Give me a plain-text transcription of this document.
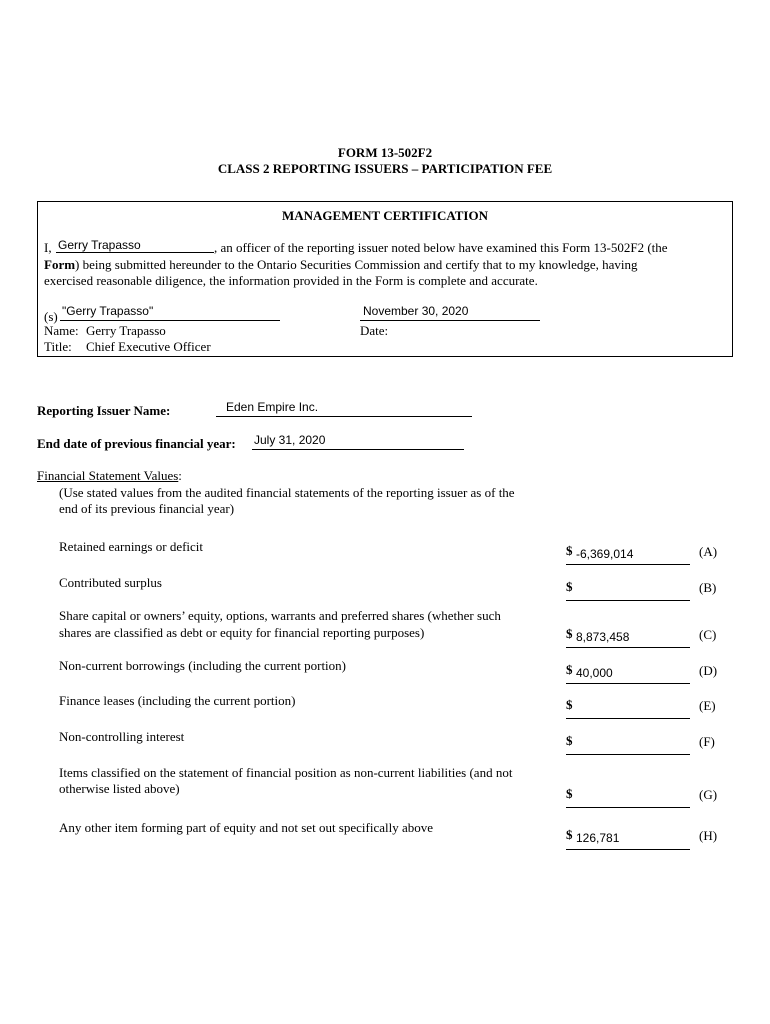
FORM 13-502F2
CLASS 2 REPORTING ISSUERS – PARTICIPATION FEE
MANAGEMENT CERTIFICATION
I, Gerry Trapasso	, an officer of the reporting issuer noted below have examined this Form 13-502F2 (the
Form) being submitted hereunder to the Ontario Securities Commission and certify that to my knowledge, having
exercised reasonable diligence, the information provided in the Form is complete and accurate.
(s) "Gerry Trapasso"	November 30, 2020
Name: Gerry Trapasso	Date:
Title: Chief Executive Officer
Reporting Issuer Name:	Eden Empire Inc.
End date of previous financial year: July 31, 2020
Financial Statement Values:
(Use stated values from the audited financial statements of the reporting issuer as of the
end of its previous financial year)
Retained earnings or deficit	$ -6,369,014	(A)
Contributed surplus	$	(B)
Share capital or owners’ equity, options, warrants and preferred shares (whether such
shares are classified as debt or equity for financial reporting purposes)	$ 8,873,458	(C)
Non-current borrowings (including the current portion)	$ 40,000	(D)
Finance leases (including the current portion)	$	(E)
Non-controlling interest	$	(F)
Items classified on the statement of financial position as non-current liabilities (and not
otherwise listed above)	$	(G)
Any other item forming part of equity and not set out specifically above	$ 126,781	(H)
